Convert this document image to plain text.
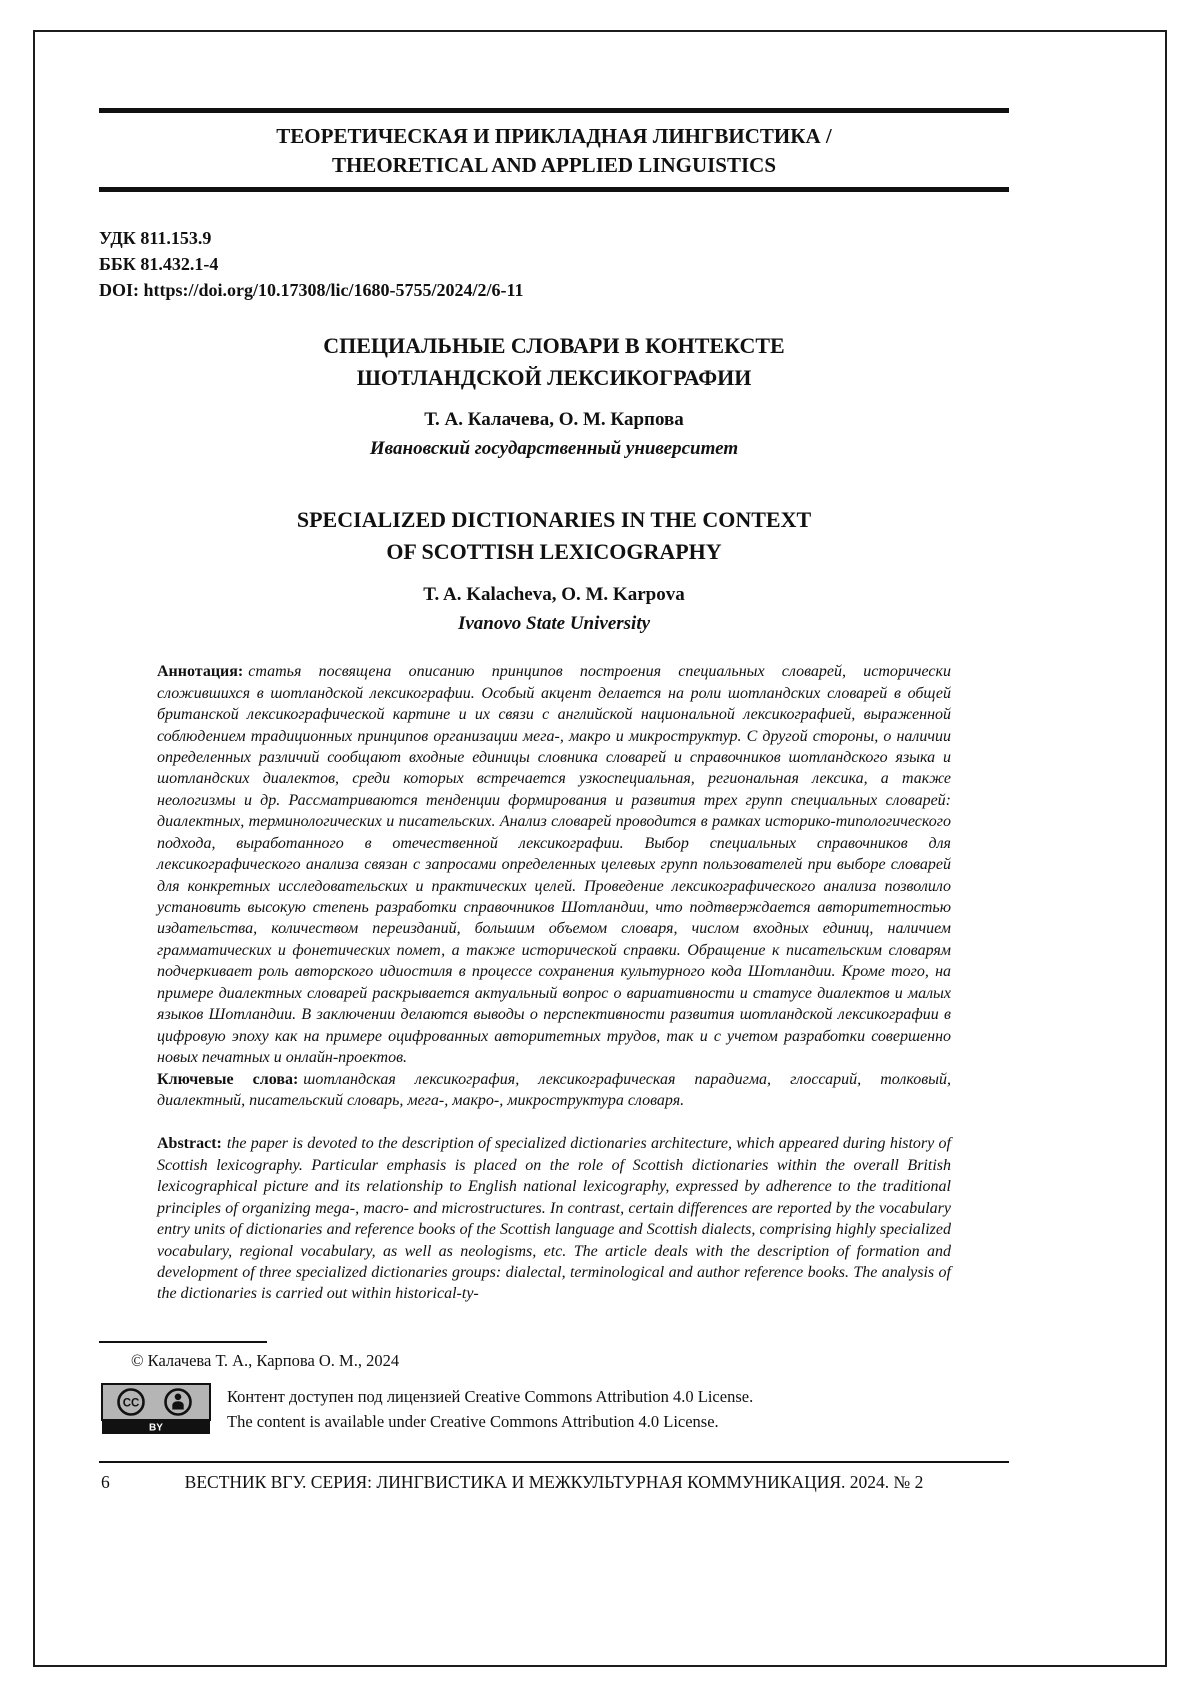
ТЕОРЕТИЧЕСКАЯ И ПРИКЛАДНАЯ ЛИНГВИСТИКА /
THEORETICAL AND APPLIED LINGUISTICS
УДК 811.153.9
ББК 81.432.1-4
DOI: https://doi.org/10.17308/lic/1680-5755/2024/2/6-11
СПЕЦИАЛЬНЫЕ СЛОВАРИ В КОНТЕКСТЕ
ШОТЛАНДСКОЙ ЛЕКСИКОГРАФИИ
Т. А. Калачева, О. М. Карпова
Ивановский государственный университет
SPECIALIZED DICTIONARIES IN THE CONTEXT
OF SCOTTISH LEXICOGRAPHY
T. A. Kalacheva, O. M. Karpova
Ivanovo State University

Аннотация: статья посвящена описанию принципов построения специальных словарей, исторически сложившихся в шотландской лексикографии. Особый акцент делается на роли шотландских словарей в общей британской лексикографической картине и их связи с английской национальной лексикографией, выраженной соблюдением традиционных принципов организации мега-, макро и микроструктур. С другой стороны, о наличии определенных различий сообщают входные единицы словника словарей и справочников шотландского языка и шотландских диалектов, среди которых встречается узкоспециальная, региональная лексика, а также неологизмы и др. Рассматриваются тенденции формирования и развития трех групп специальных словарей: диалектных, терминологических и писательских. Анализ словарей проводится в рамках историко-типологического подхода, выработанного в отечественной лексикографии. Выбор специальных справочников для лексикографического анализа связан с запросами определенных целевых групп пользователей при выборе словарей для конкретных исследовательских и практических целей. Проведение лексикографического анализа позволило установить высокую степень разработки справочников Шотландии, что подтверждается авторитетностью издательства, количеством переизданий, большим объемом словаря, числом входных единиц, наличием грамматических и фонетических помет, а также исторической справки. Обращение к писательским словарям подчеркивает роль авторского идиостиля в процессе сохранения культурного кода Шотландии. Кроме того, на примере диалектных словарей раскрывается актуальный вопрос о вариативности и статусе диалектов и малых языков Шотландии. В заключении делаются выводы о перспективности развития шотландской лексикографии в цифровую эпоху как на примере оцифрованных авторитетных трудов, так и с учетом разработки совершенно новых печатных и онлайн-проектов.

Ключевые слова: шотландская лексикография, лексикографическая парадигма, глоссарий, толковый, диалектный, писательский словарь, мега-, макро-, микроструктура словаря.

Abstract: the paper is devoted to the description of specialized dictionaries architecture, which appeared during history of Scottish lexicography. Particular emphasis is placed on the role of Scottish dictionaries within the overall British lexicographical picture and its relationship to English national lexicography, expressed by adherence to the traditional principles of organizing mega-, macro- and microstructures. In contrast, certain differences are reported by the vocabulary entry units of dictionaries and reference books of the Scottish language and Scottish dialects, comprising highly specialized vocabulary, regional vocabulary, as well as neologisms, etc. The article deals with the description of formation and development of three specialized dictionaries groups: dialectal, terminological and author reference books. The analysis of the dictionaries is carried out within historical-ty-

© Калачева Т. А., Карпова О. М., 2024
CC
BY
Контент доступен под лицензией Creative Commons Attribution 4.0 License.
The content is available under Creative Commons Attribution 4.0 License.
6	ВЕСТНИК ВГУ. СЕРИЯ: ЛИНГВИСТИКА И МЕЖКУЛЬТУРНАЯ КОММУНИКАЦИЯ. 2024. № 2
